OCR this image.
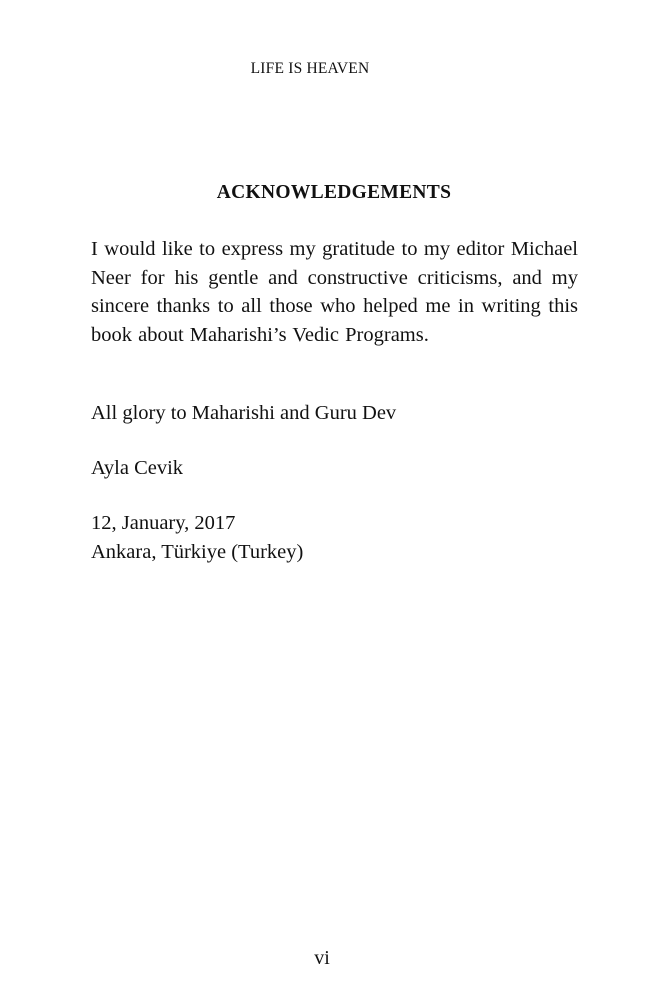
LIFE IS HEAVEN
ACKNOWLEDGEMENTS

I would like to express my gratitude to my editor Michael Neer for his gentle and constructive criticisms, and my sincere thanks to all those who helped me in writing this book about Maharishi’s Vedic Programs.

All glory to Maharishi and Guru Dev

Ayla Cevik

12, January, 2017
Ankara, Türkiye (Turkey)
vi
